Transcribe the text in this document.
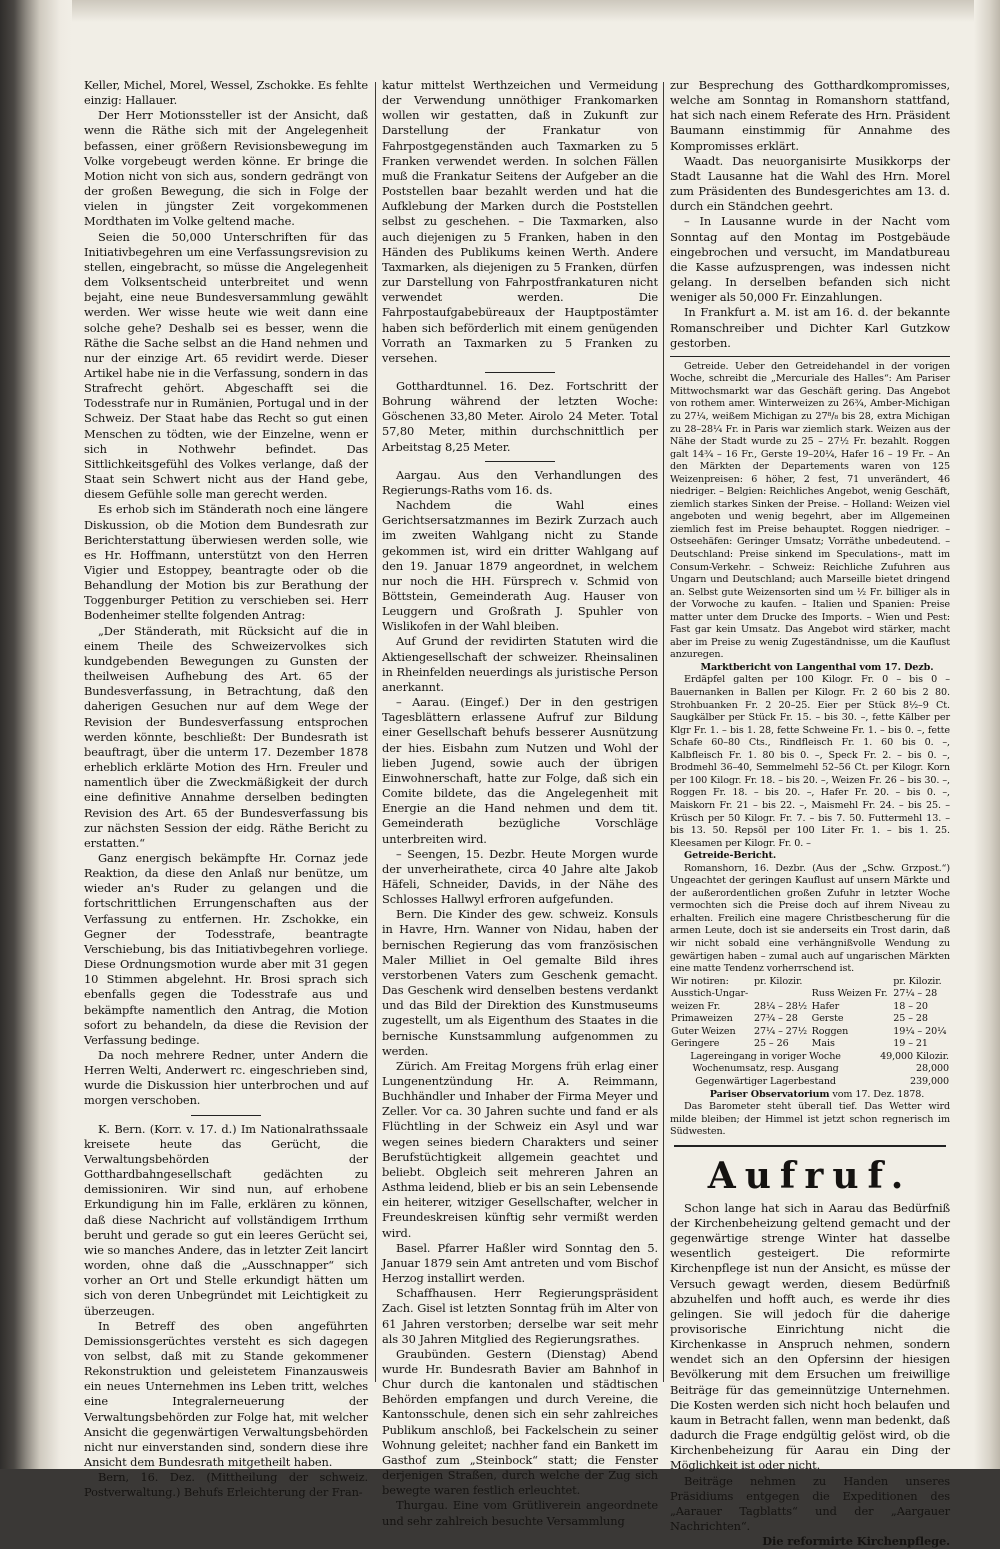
Keller, Michel, Morel, Wessel, Zschokke. Es fehlte einzig: Hallauer.

Der Herr Motionssteller ist der Ansicht, daß wenn die Räthe sich mit der Angelegenheit befassen, einer größern Revisionsbewegung im Volke vorgebeugt werden könne. Er bringe die Motion nicht von sich aus, sondern gedrängt von der großen Bewegung, die sich in Folge der vielen in jüngster Zeit vorgekommenen Mordthaten im Volke geltend mache.

Seien die 50,000 Unterschriften für das Initiativbegehren um eine Verfassungsrevision zu stellen, eingebracht, so müsse die Angelegenheit dem Volksentscheid unterbreitet und wenn bejaht, eine neue Bundesversammlung gewählt werden. Wer wisse heute wie weit dann eine solche gehe? Deshalb sei es besser, wenn die Räthe die Sache selbst an die Hand nehmen und nur der einzige Art. 65 revidirt werde. Dieser Artikel habe nie in die Verfassung, sondern in das Strafrecht gehört. Abgeschafft sei die Todesstrafe nur in Rumänien, Portugal und in der Schweiz. Der Staat habe das Recht so gut einen Menschen zu tödten, wie der Einzelne, wenn er sich in Nothwehr befindet. Das Sittlichkeitsgefühl des Volkes verlange, daß der Staat sein Schwert nicht aus der Hand gebe, diesem Gefühle solle man gerecht werden.

Es erhob sich im Ständerath noch eine längere Diskussion, ob die Motion dem Bundesrath zur Berichterstattung überwiesen werden solle, wie es Hr. Hoffmann, unterstützt von den Herren Vigier und Estoppey, beantragte oder ob die Behandlung der Motion bis zur Berathung der Toggenburger Petition zu verschieben sei. Herr Bodenheimer stellte folgenden Antrag:

„Der Ständerath, mit Rücksicht auf die in einem Theile des Schweizervolkes sich kundgebenden Bewegungen zu Gunsten der theilweisen Aufhebung des Art. 65 der Bundesverfassung, in Betrachtung, daß den daherigen Gesuchen nur auf dem Wege der Revision der Bundesverfassung entsprochen werden könnte, beschließt: Der Bundesrath ist beauftragt, über die unterm 17. Dezember 1878 erheblich erklärte Motion des Hrn. Freuler und namentlich über die Zweckmäßigkeit der durch eine definitive Annahme derselben bedingten Revision des Art. 65 der Bundesverfassung bis zur nächsten Session der eidg. Räthe Bericht zu erstatten.“

Ganz energisch bekämpfte Hr. Cornaz jede Reaktion, da diese den Anlaß nur benütze, um wieder an's Ruder zu gelangen und die fortschrittlichen Errungenschaften aus der Verfassung zu entfernen. Hr. Zschokke, ein Gegner der Todesstrafe, beantragte Verschiebung, bis das Initiativbegehren vorliege. Diese Ordnungsmotion wurde aber mit 31 gegen 10 Stimmen abgelehnt. Hr. Brosi sprach sich ebenfalls gegen die Todesstrafe aus und bekämpfte namentlich den Antrag, die Motion sofort zu behandeln, da diese die Revision der Verfassung bedinge.

Da noch mehrere Redner, unter Andern die Herren Welti, Anderwert rc. eingeschrieben sind, wurde die Diskussion hier unterbrochen und auf morgen verschoben.

K. Bern. (Korr. v. 17. d.) Im Nationalrathssaale kreisete heute das Gerücht, die Verwaltungsbehörden der Gotthardbahngesellschaft gedächten zu demissioniren. Wir sind nun, auf erhobene Erkundigung hin im Falle, erklären zu können, daß diese Nachricht auf vollständigem Irrthum beruht und gerade so gut ein leeres Gerücht sei, wie so manches Andere, das in letzter Zeit lancirt worden, ohne daß die „Ausschnapper“ sich vorher an Ort und Stelle erkundigt hätten um sich von deren Unbegründet mit Leichtigkeit zu überzeugen.

In Betreff des oben angeführten Demissionsgerüchtes versteht es sich dagegen von selbst, daß mit zu Stande gekommener Rekonstruktion und geleistetem Finanzausweis ein neues Unternehmen ins Leben tritt, welches eine Integralerneuerung der Verwaltungsbehörden zur Folge hat, mit welcher Ansicht die gegenwärtigen Verwaltungsbehörden nicht nur einverstanden sind, sondern diese ihre Ansicht dem Bundesrath mitgetheilt haben.

Bern, 16. Dez. (Mittheilung der schweiz. Postverwaltung.) Behufs Erleichterung der Fran-

katur mittelst Werthzeichen und Vermeidung der Verwendung unnöthiger Frankomarken wollen wir gestatten, daß in Zukunft zur Darstellung der Frankatur von Fahrpostgegenständen auch Taxmarken zu 5 Franken verwendet werden. In solchen Fällen muß die Frankatur Seitens der Aufgeber an die Poststellen baar bezahlt werden und hat die Aufklebung der Marken durch die Poststellen selbst zu geschehen. – Die Taxmarken, also auch diejenigen zu 5 Franken, haben in den Händen des Publikums keinen Werth. Andere Taxmarken, als diejenigen zu 5 Franken, dürfen zur Darstellung von Fahrpostfrankaturen nicht verwendet werden. Die Fahrpostaufgabebüreaux der Hauptpostämter haben sich beförderlich mit einem genügenden Vorrath an Taxmarken zu 5 Franken zu versehen.

Gotthardtunnel. 16. Dez. Fortschritt der Bohrung während der letzten Woche: Göschenen 33,80 Meter. Airolo 24 Meter. Total 57,80 Meter, mithin durchschnittlich per Arbeitstag 8,25 Meter.

Aargau. Aus den Verhandlungen des Regierungs-Raths vom 16. ds.

Nachdem die Wahl eines Gerichtsersatzmannes im Bezirk Zurzach auch im zweiten Wahlgang nicht zu Stande gekommen ist, wird ein dritter Wahlgang auf den 19. Januar 1879 angeordnet, in welchem nur noch die HH. Fürsprech v. Schmid von Böttstein, Gemeinderath Aug. Hauser von Leuggern und Großrath J. Spuhler von Wislikofen in der Wahl bleiben.

Auf Grund der revidirten Statuten wird die Aktiengesellschaft der schweizer. Rheinsalinen in Rheinfelden neuerdings als juristische Person anerkannt.

– Aarau. (Eingef.) Der in den gestrigen Tagesblättern erlassene Aufruf zur Bildung einer Gesellschaft behufs besserer Ausnützung der hies. Eisbahn zum Nutzen und Wohl der lieben Jugend, sowie auch der übrigen Einwohnerschaft, hatte zur Folge, daß sich ein Comite bildete, das die Angelegenheit mit Energie an die Hand nehmen und dem tit. Gemeinderath bezügliche Vorschläge unterbreiten wird.

– Seengen, 15. Dezbr. Heute Morgen wurde der unverheirathete, circa 40 Jahre alte Jakob Häfeli, Schneider, Davids, in der Nähe des Schlosses Hallwyl erfroren aufgefunden.

Bern. Die Kinder des gew. schweiz. Konsuls in Havre, Hrn. Wanner von Nidau, haben der bernischen Regierung das vom französischen Maler Milliet in Oel gemalte Bild ihres verstorbenen Vaters zum Geschenk gemacht. Das Geschenk wird denselben bestens verdankt und das Bild der Direktion des Kunstmuseums zugestellt, um als Eigenthum des Staates in die bernische Kunstsammlung aufgenommen zu werden.

Zürich. Am Freitag Morgens früh erlag einer Lungenentzündung Hr. A. Reimmann, Buchhändler und Inhaber der Firma Meyer und Zeller. Vor ca. 30 Jahren suchte und fand er als Flüchtling in der Schweiz ein Asyl und war wegen seines biedern Charakters und seiner Berufstüchtigkeit allgemein geachtet und beliebt. Obgleich seit mehreren Jahren an Asthma leidend, blieb er bis an sein Lebensende ein heiterer, witziger Gesellschafter, welcher in Freundeskreisen künftig sehr vermißt werden wird.

Basel. Pfarrer Haßler wird Sonntag den 5. Januar 1879 sein Amt antreten und vom Bischof Herzog installirt werden.

Schaffhausen. Herr Regierungspräsident Zach. Gisel ist letzten Sonntag früh im Alter von 61 Jahren verstorben; derselbe war seit mehr als 30 Jahren Mitglied des Regierungsrathes.

Graubünden. Gestern (Dienstag) Abend wurde Hr. Bundesrath Bavier am Bahnhof in Chur durch die kantonalen und städtischen Behörden empfangen und durch Vereine, die Kantonsschule, denen sich ein sehr zahlreiches Publikum anschloß, bei Fackelschein zu seiner Wohnung geleitet; nachher fand ein Bankett im Gasthof zum „Steinbock“ statt; die Fenster derjenigen Straßen, durch welche der Zug sich bewegte waren festlich erleuchtet.

Thurgau. Eine vom Grütliverein angeordnete und sehr zahlreich besuchte Versammlung

zur Besprechung des Gotthardkompromisses, welche am Sonntag in Romanshorn stattfand, hat sich nach einem Referate des Hrn. Präsident Baumann einstimmig für Annahme des Kompromisses erklärt.

Waadt. Das neuorganisirte Musikkorps der Stadt Lausanne hat die Wahl des Hrn. Morel zum Präsidenten des Bundesgerichtes am 13. d. durch ein Ständchen geehrt.

– In Lausanne wurde in der Nacht vom Sonntag auf den Montag im Postgebäude eingebrochen und versucht, im Mandatbureau die Kasse aufzusprengen, was indessen nicht gelang. In derselben befanden sich nicht weniger als 50,000 Fr. Einzahlungen.

In Frankfurt a. M. ist am 16. d. der bekannte Romanschreiber und Dichter Karl Gutzkow gestorben.

Getreide. Ueber den Getreidehandel in der vorigen Woche, schreibt die „Mercuriale des Halles“: Am Pariser Mittwochsmarkt war das Geschäft gering. Das Angebot von rothem amer. Winterweizen zu 26¾, Amber-Michigan zu 27¼, weißem Michigan zu 27⁸/₈ bis 28, extra Michigan zu 28–28¼ Fr. in Paris war ziemlich stark. Weizen aus der Nähe der Stadt wurde zu 25 – 27½ Fr. bezahlt. Roggen galt 14¾ – 16 Fr., Gerste 19–20¼, Hafer 16 – 19 Fr. – An den Märkten der Departements waren von 125 Weizenpreisen: 6 höher, 2 fest, 71 unverändert, 46 niedriger. – Belgien: Reichliches Angebot, wenig Geschäft, ziemlich starkes Sinken der Preise. – Holland: Weizen viel angeboten und wenig begehrt, aber im Allgemeinen ziemlich fest im Preise behauptet. Roggen niedriger. – Ostseehäfen: Geringer Umsatz; Vorräthe unbedeutend. – Deutschland: Preise sinkend im Speculations-, matt im Consum-Verkehr. – Schweiz: Reichliche Zufuhren aus Ungarn und Deutschland; auch Marseille bietet dringend an. Selbst gute Weizensorten sind um ½ Fr. billiger als in der Vorwoche zu kaufen. – Italien und Spanien: Preise matter unter dem Drucke des Imports. – Wien und Pest: Fast gar kein Umsatz. Das Angebot wird stärker, macht aber im Preise zu wenig Zugeständnisse, um die Kauflust anzuregen.

Marktbericht von Langenthal vom 17. Dezb.

Erdäpfel galten per 100 Kilogr. Fr. 0 – bis 0 – Bauernanken in Ballen per Kilogr. Fr. 2 60 bis 2 80. Strohbuanken Fr. 2 20–25. Eier per Stück 8½–9 Ct. Saugkälber per Stück Fr. 15. – bis 30. –, fette Kälber per Klgr Fr. 1. – bis 1. 28, fette Schweine Fr. 1. – bis 0. –, fette Schafe 60–80 Cts., Rindfleisch Fr. 1. 60 bis 0. –, Kalbfleisch Fr. 1. 80 bis 0. –, Speck Fr. 2. – bis 0. –, Brodmehl 36–40, Semmelmehl 52–56 Ct. per Kilogr. Korn per 100 Kilogr. Fr. 18. – bis 20. –, Weizen Fr. 26 – bis 30. –, Roggen Fr. 18. – bis 20. –, Hafer Fr. 20. – bis 0. –, Maiskorn Fr. 21 – bis 22. –, Maismehl Fr. 24. – bis 25. – Krüsch per 50 Kilogr. Fr. 7. – bis 7. 50. Futtermehl 13. – bis 13. 50. Repsöl per 100 Liter Fr. 1. – bis 1. 25. Kleesamen per Kilogr. Fr. 0. –

Getreide-Bericht.

Romanshorn, 16. Dezbr. (Aus der „Schw. Grzpost.“) Ungeachtet der geringen Kauflust auf unsern Märkte und der außerordentlichen großen Zufuhr in letzter Woche vermochten sich die Preise doch auf ihrem Niveau zu erhalten. Freilich eine magere Christbescherung für die armen Leute, doch ist sie anderseits ein Trost darin, daß wir nicht sobald eine verhängnißvolle Wendung zu gewärtigen haben – zumal auch auf ungarischen Märkten eine matte Tendenz vorherrschend ist.

Wir notiren:	pr. Kilozir.		pr. Kilozir.
Ausstich-Ungar-		Russ Weizen Fr.	27¼ – 28
weizen Fr.	28¼ – 28½	Hafer	18 – 20
Primaweizen	27¾ – 28	Gerste	25 – 28
Guter Weizen	27¼ – 27½	Roggen	19¼ – 20¼
Geringere	25 – 26	Mais	19 – 21
Lagereingang in voriger Woche	49,000 Kilozir.
Wochenumsatz, resp. Ausgang	28,000
Gegenwärtiger Lagerbestand	239,000

Pariser Observatorium vom 17. Dez. 1878.

Das Barometer steht überall tief. Das Wetter wird milde bleiben; der Himmel ist jetzt schon regnerisch im Südwesten.

Aufruf.

Schon lange hat sich in Aarau das Bedürfniß der Kirchenbeheizung geltend gemacht und der gegenwärtige strenge Winter hat dasselbe wesentlich gesteigert. Die reformirte Kirchenpflege ist nun der Ansicht, es müsse der Versuch gewagt werden, diesem Bedürfniß abzuhelfen und hofft auch, es werde ihr dies gelingen. Sie will jedoch für die daherige provisorische Einrichtung nicht die Kirchenkasse in Anspruch nehmen, sondern wendet sich an den Opfersinn der hiesigen Bevölkerung mit dem Ersuchen um freiwillige Beiträge für das gemeinnützige Unternehmen. Die Kosten werden sich nicht hoch belaufen und kaum in Betracht fallen, wenn man bedenkt, daß dadurch die Frage endgültig gelöst wird, ob die Kirchenbeheizung für Aarau ein Ding der Möglichkeit ist oder nicht.

Beiträge nehmen zu Handen unseres Präsidiums entgegen die Expeditionen des „Aarauer Tagblatts“ und der „Aargauer Nachrichten“.

Die reformirte Kirchenpflege.
